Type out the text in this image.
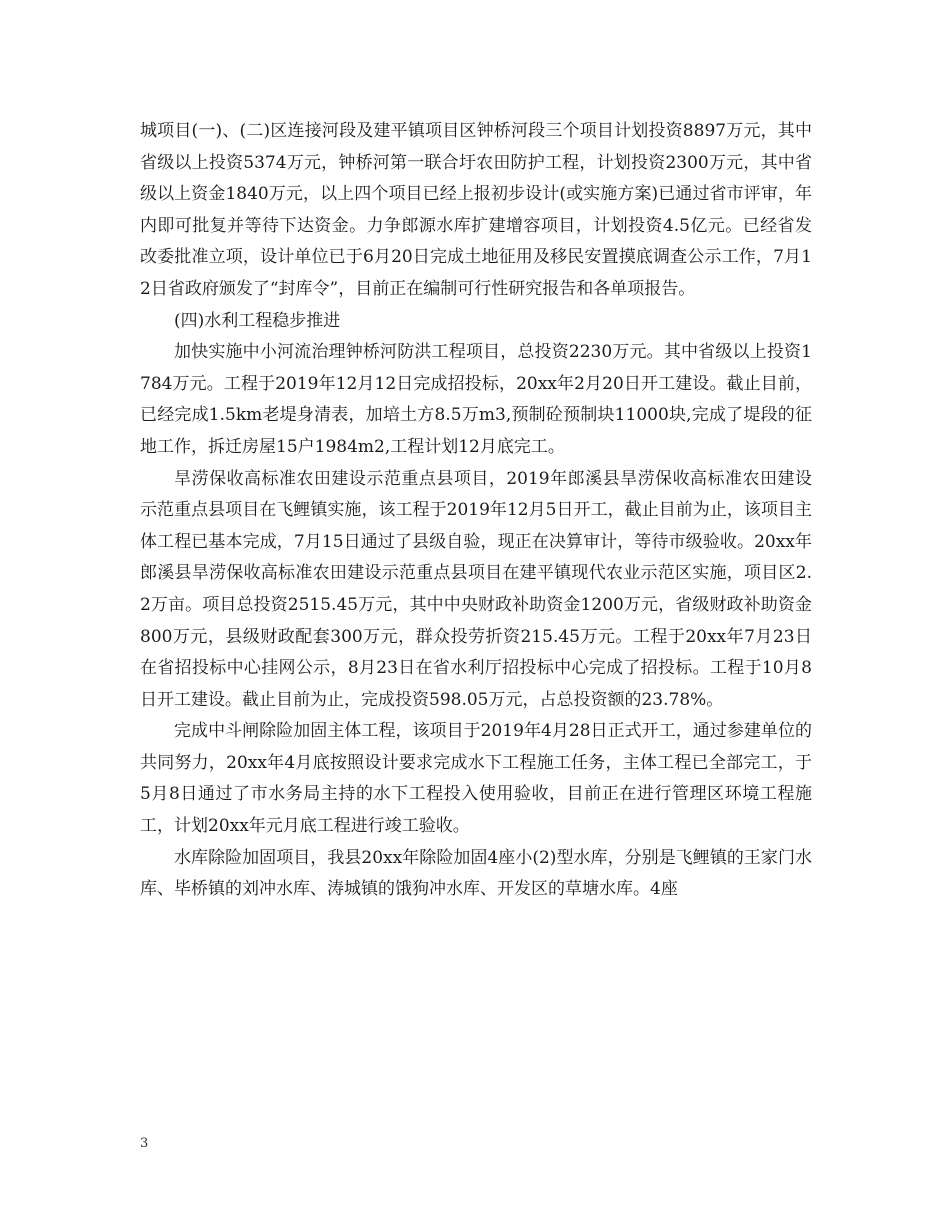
城项目(一)、(二)区连接河段及建平镇项目区钟桥河段三个项目计划投资8897万元，其中省级以上投资5374万元，钟桥河第一联合圩农田防护工程，计划投资2300万元，其中省级以上资金1840万元，以上四个项目已经上报初步设计(或实施方案)已通过省市评审，年内即可批复并等待下达资金。力争郎源水库扩建增容项目，计划投资4.5亿元。已经省发改委批准立项，设计单位已于6月20日完成土地征用及移民安置摸底调查公示工作，7月12日省政府颁发了“封库令”，目前正在编制可行性研究报告和各单项报告。

(四)水利工程稳步推进

加快实施中小河流治理钟桥河防洪工程项目，总投资2230万元。其中省级以上投资1784万元。工程于2019年12月12日完成招投标，20xx年2月20日开工建设。截止目前，已经完成1.5km老堤身清表，加培土方8.5万m3,预制砼预制块11000块,完成了堤段的征地工作，拆迁房屋15户1984m2,工程计划12月底完工。

旱涝保收高标准农田建设示范重点县项目，2019年郎溪县旱涝保收高标准农田建设示范重点县项目在飞鲤镇实施，该工程于2019年12月5日开工，截止目前为止，该项目主体工程已基本完成，7月15日通过了县级自验，现正在决算审计，等待市级验收。20xx年郎溪县旱涝保收高标准农田建设示范重点县项目在建平镇现代农业示范区实施，项目区2.2万亩。项目总投资2515.45万元，其中中央财政补助资金1200万元，省级财政补助资金800万元，县级财政配套300万元，群众投劳折资215.45万元。工程于20xx年7月23日在省招投标中心挂网公示，8月23日在省水利厅招投标中心完成了招投标。工程于10月8日开工建设。截止目前为止，完成投资598.05万元，占总投资额的23.78%。

完成中斗闸除险加固主体工程，该项目于2019年4月28日正式开工，通过参建单位的共同努力，20xx年4月底按照设计要求完成水下工程施工任务，主体工程已全部完工，于5月8日通过了市水务局主持的水下工程投入使用验收，目前正在进行管理区环境工程施工，计划20xx年元月底工程进行竣工验收。

水库除险加固项目，我县20xx年除险加固4座小(2)型水库，分别是飞鲤镇的王家门水库、毕桥镇的刘冲水库、涛城镇的饿狗冲水库、开发区的草塘水库。4座

3
